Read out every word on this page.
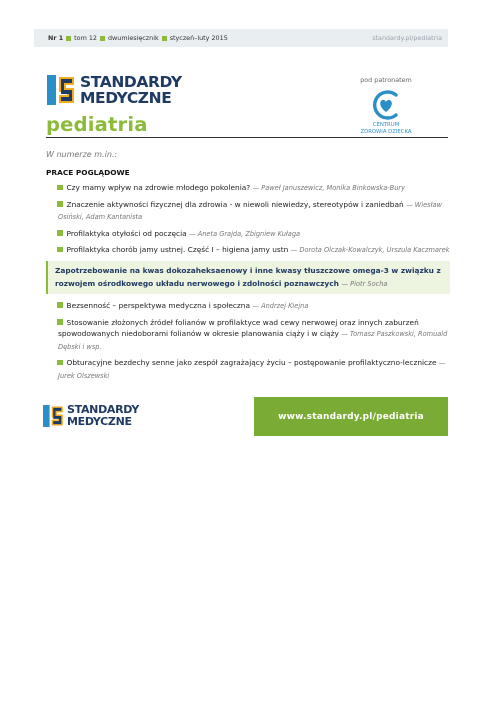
Nr 1 tom 12 dwumiesięcznik styczeń–luty 2015	standardy.pl/pediatria
STANDARDY
MEDYCZNE
pediatria
pod patronatem
CENTRUM
ZDROWIA DZIECKA
W numerze m.in.:
PRACE POGLĄDOWE
Czy mamy wpływ na zdrowie młodego pokolenia? — Paweł Januszewicz, Monika Binkowska-Bury
Znaczenie aktywności fizycznej dla zdrowia - w niewoli niewiedzy, stereotypów i zaniedbań — Wiesław Osiński, Adam Kantanista
Profilaktyka otyłości od poczęcia — Aneta Grajda, Zbigniew Kułaga
Profilaktyka chorób jamy ustnej. Część I – higiena jamy ustn — Dorota Olczak-Kowalczyk, Urszula Kaczmarek
Zapotrzebowanie na kwas dokozaheksaenowy i inne kwasy tłuszczowe omega-3 w związku z rozwojem ośrodkowego układu nerwowego i zdolności poznawczych — Piotr Socha
Bezsenność – perspektywa medyczna i społeczna — Andrzej Kiejna
Stosowanie złożonych źródeł folianów w profilaktyce wad cewy nerwowej oraz innych zaburzeń spowodowanych niedoborami folianów w okresie planowania ciąży i w ciąży — Tomasz Paszkowski, Romuald Dębski i wsp.
Obturacyjne bezdechy senne jako zespół zagrażający życiu – postępowanie profilaktyczno-lecznicze — Jurek Olszewski
STANDARDY
MEDYCZNE	www.standardy.pl/pediatria
